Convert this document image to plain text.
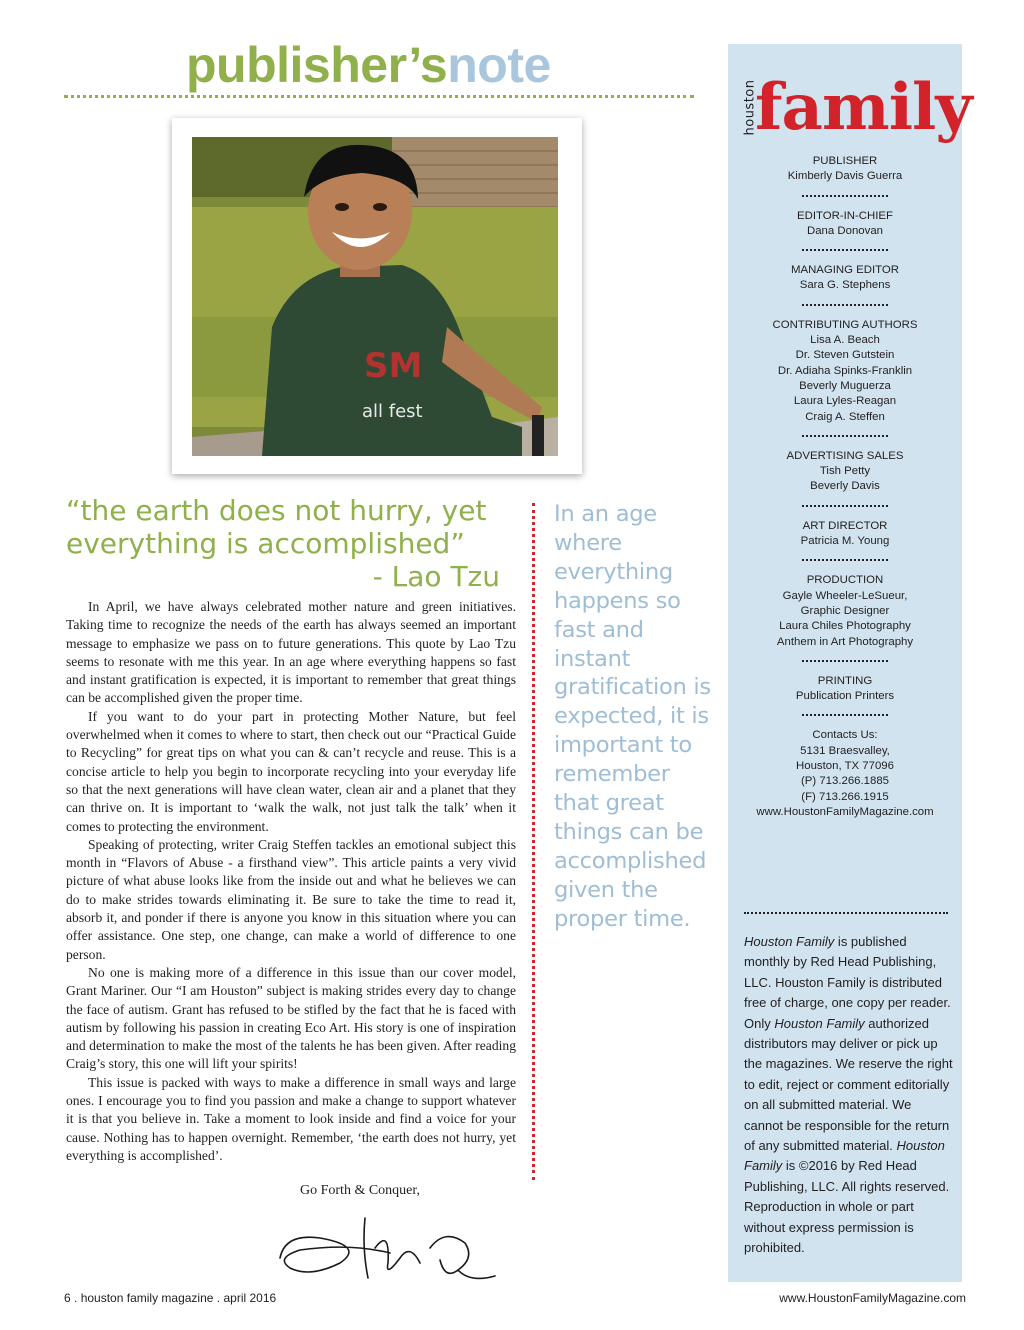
publisher’snote
SM
all fest
“the earth does not hurry, yet everything is accomplished”
- Lao Tzu

In April, we have always celebrated mother nature and green initiatives. Taking time to recognize the needs of the earth has always seemed an important message to emphasize we pass on to future generations. This quote by Lao Tzu seems to resonate with me this year. In an age where everything happens so fast and instant gratification is expected, it is important to remember that great things can be accomplished given the proper time.

If you want to do your part in protecting Mother Nature, but feel overwhelmed when it comes to where to start, then check out our “Practical Guide to Recycling” for great tips on what you can & can’t recycle and reuse. This is a concise article to help you begin to incorporate recycling into your everyday life so that the next generations will have clean water, clean air and a planet that they can thrive on. It is important to ‘walk the walk, not just talk the talk’ when it comes to protecting the environment.

Speaking of protecting, writer Craig Steffen tackles an emotional subject this month in “Flavors of Abuse - a firsthand view”. This article paints a very vivid picture of what abuse looks like from the inside out and what he believes we can do to make strides towards eliminating it. Be sure to take the time to read it, absorb it, and ponder if there is anyone you know in this situation where you can offer assistance. One step, one change, can make a world of difference to one person.

No one is making more of a difference in this issue than our cover model, Grant Mariner. Our “I am Houston” subject is making strides every day to change the face of autism. Grant has refused to be stifled by the fact that he is faced with autism by following his passion in creating Eco Art. His story is one of inspiration and determination to make the most of the talents he has been given. After reading Craig’s story, this one will lift your spirits!

This issue is packed with ways to make a difference in small ways and large ones. I encourage you to find you passion and make a change to support whatever it is that you believe in. Take a moment to look inside and find a voice for your cause. Nothing has to happen overnight. Remember, ‘the earth does not hurry, yet everything is accomplished’.

Go Forth & Conquer,
In an age where everything happens so fast and instant gratification is expected, it is important to remember that great things can be accomplished given the proper time.
houston
family
PUBLISHER
Kimberly Davis Guerra
EDITOR-IN-CHIEF
Dana Donovan
MANAGING EDITOR
Sara G. Stephens
CONTRIBUTING AUTHORS
Lisa A. Beach
Dr. Steven Gutstein
Dr. Adiaha Spinks-Franklin
Beverly Muguerza
Laura Lyles-Reagan
Craig A. Steffen
ADVERTISING SALES
Tish Petty
Beverly Davis
ART DIRECTOR
Patricia M. Young
PRODUCTION
Gayle Wheeler-LeSueur,
Graphic Designer
Laura Chiles Photography
Anthem in Art Photography
PRINTING
Publication Printers
Contacts Us:
5131 Braesvalley,
Houston, TX 77096
(P) 713.266.1885
(F) 713.266.1915
www.HoustonFamilyMagazine.com
Houston Family is published monthly by Red Head Publishing, LLC. Houston Family is distributed free of charge, one copy per reader. Only Houston Family authorized distributors may deliver or pick up the magazines. We reserve the right to edit, reject or comment editorially on all submitted material. We cannot be responsible for the return of any submitted material. Houston Family is ©2016 by Red Head Publishing, LLC. All rights reserved. Reproduction in whole or part without express permission is prohibited.
6 . houston family magazine . april 2016	www.HoustonFamilyMagazine.com
